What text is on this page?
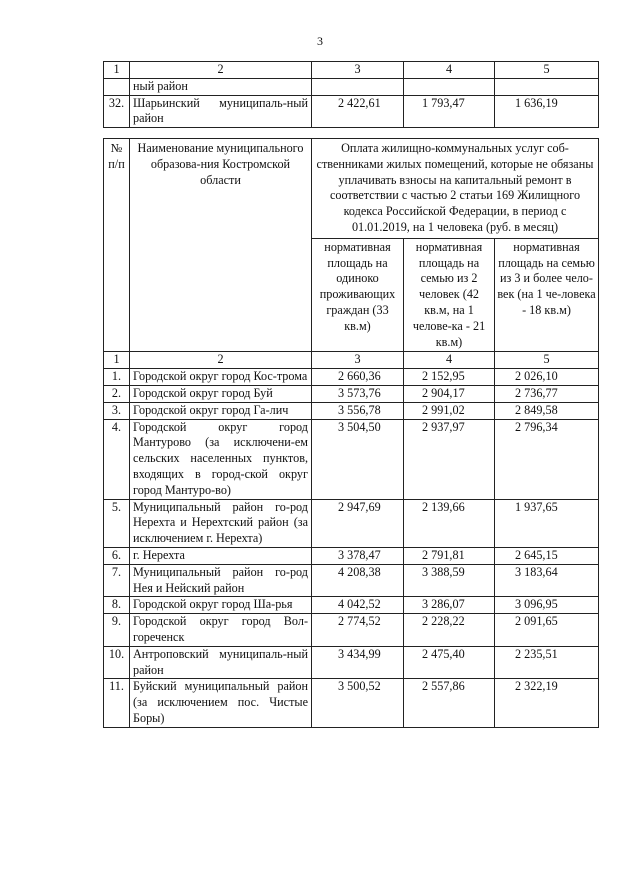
3
1	2	3	4	5
	ный район			
32.	Шарьинский муниципаль-ный район	2 422,61	1 793,47	1 636,19
№ п/п	Наименование муниципального образова-ния Костромской области	Оплата жилищно-коммунальных услуг соб-ственниками жилых помещений, которые не обязаны уплачивать взносы на капитальный ремонт в соответствии с частью 2 статьи 169 Жилищного кодекса Российской Федерации, в период с 01.01.2019, на 1 человека (руб. в месяц)		
		нормативная площадь на одиноко проживающих граждан (33 кв.м)	нормативная площадь на семью из 2 человек (42 кв.м, на 1 челове-ка - 21 кв.м)	нормативная площадь на семью из 3 и более чело-век (на 1 че-ловека - 18 кв.м)
1	2	3	4	5
1.	Городской округ город Кос-трома	2 660,36	2 152,95	2 026,10
2.	Городской округ город Буй	3 573,76	2 904,17	2 736,77
3.	Городской округ город Га-лич	3 556,78	2 991,02	2 849,58
4.	Городской округ город Мантурово (за исключени-ем сельских населенных пунктов, входящих в город-ской округ город Мантуро-во)	3 504,50	2 937,97	2 796,34
5.	Муниципальный район го-род Нерехта и Нерехтский район (за исключением г. Нерехта)	2 947,69	2 139,66	1 937,65
6.	г. Нерехта	3 378,47	2 791,81	2 645,15
7.	Муниципальный район го-род Нея и Нейский район	4 208,38	3 388,59	3 183,64
8.	Городской округ город Ша-рья	4 042,52	3 286,07	3 096,95
9.	Городской округ город Вол-гореченск	2 774,52	2 228,22	2 091,65
10.	Антроповский муниципаль-ный район	3 434,99	2 475,40	2 235,51
11.	Буйский муниципальный район (за исключением пос. Чистые Боры)	3 500,52	2 557,86	2 322,19
